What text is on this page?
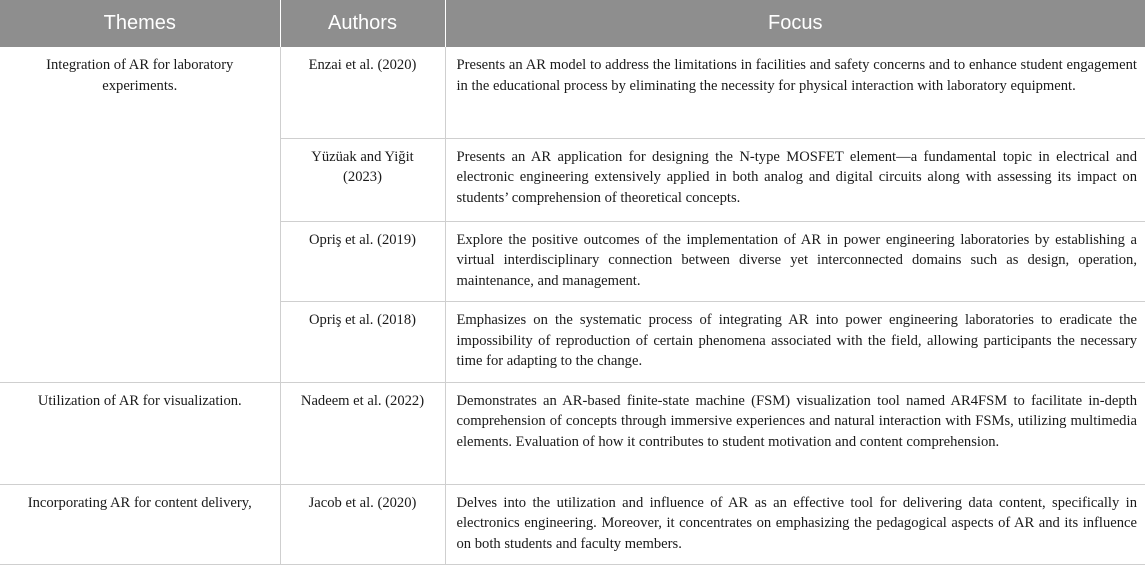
Themes	Authors	Focus
Integration of AR for laboratory experiments.	Enzai et al. (2020)	Presents an AR model to address the limitations in facilities and safety concerns and to enhance student engagement in the educational process by eliminating the necessity for physical interaction with laboratory equipment.
	Yüzüak and Yiğit (2023)	Presents an AR application for designing the N-type MOSFET element—a fundamental topic in electrical and electronic engineering extensively applied in both analog and digital circuits along with assessing its impact on students’ comprehension of theoretical concepts.
	Opriş et al. (2019)	Explore the positive outcomes of the implementation of AR in power engineering laboratories by establishing a virtual interdisciplinary connection between diverse yet interconnected domains such as design, operation, maintenance, and management.
	Opriş et al. (2018)	Emphasizes on the systematic process of integrating AR into power engineering laboratories to eradicate the impossibility of reproduction of certain phenomena associated with the field, allowing participants the necessary time for adapting to the change.
Utilization of AR for visualization.	Nadeem et al. (2022)	Demonstrates an AR-based finite-state machine (FSM) visualization tool named AR4FSM to facilitate in-depth comprehension of concepts through immersive experiences and natural interaction with FSMs, utilizing multimedia elements. Evaluation of how it contributes to student motivation and content comprehension.
Incorporating AR for content delivery,	Jacob et al. (2020)	Delves into the utilization and influence of AR as an effective tool for delivering data content, specifically in electronics engineering. Moreover, it concentrates on emphasizing the pedagogical aspects of AR and its influence on both students and faculty members.
